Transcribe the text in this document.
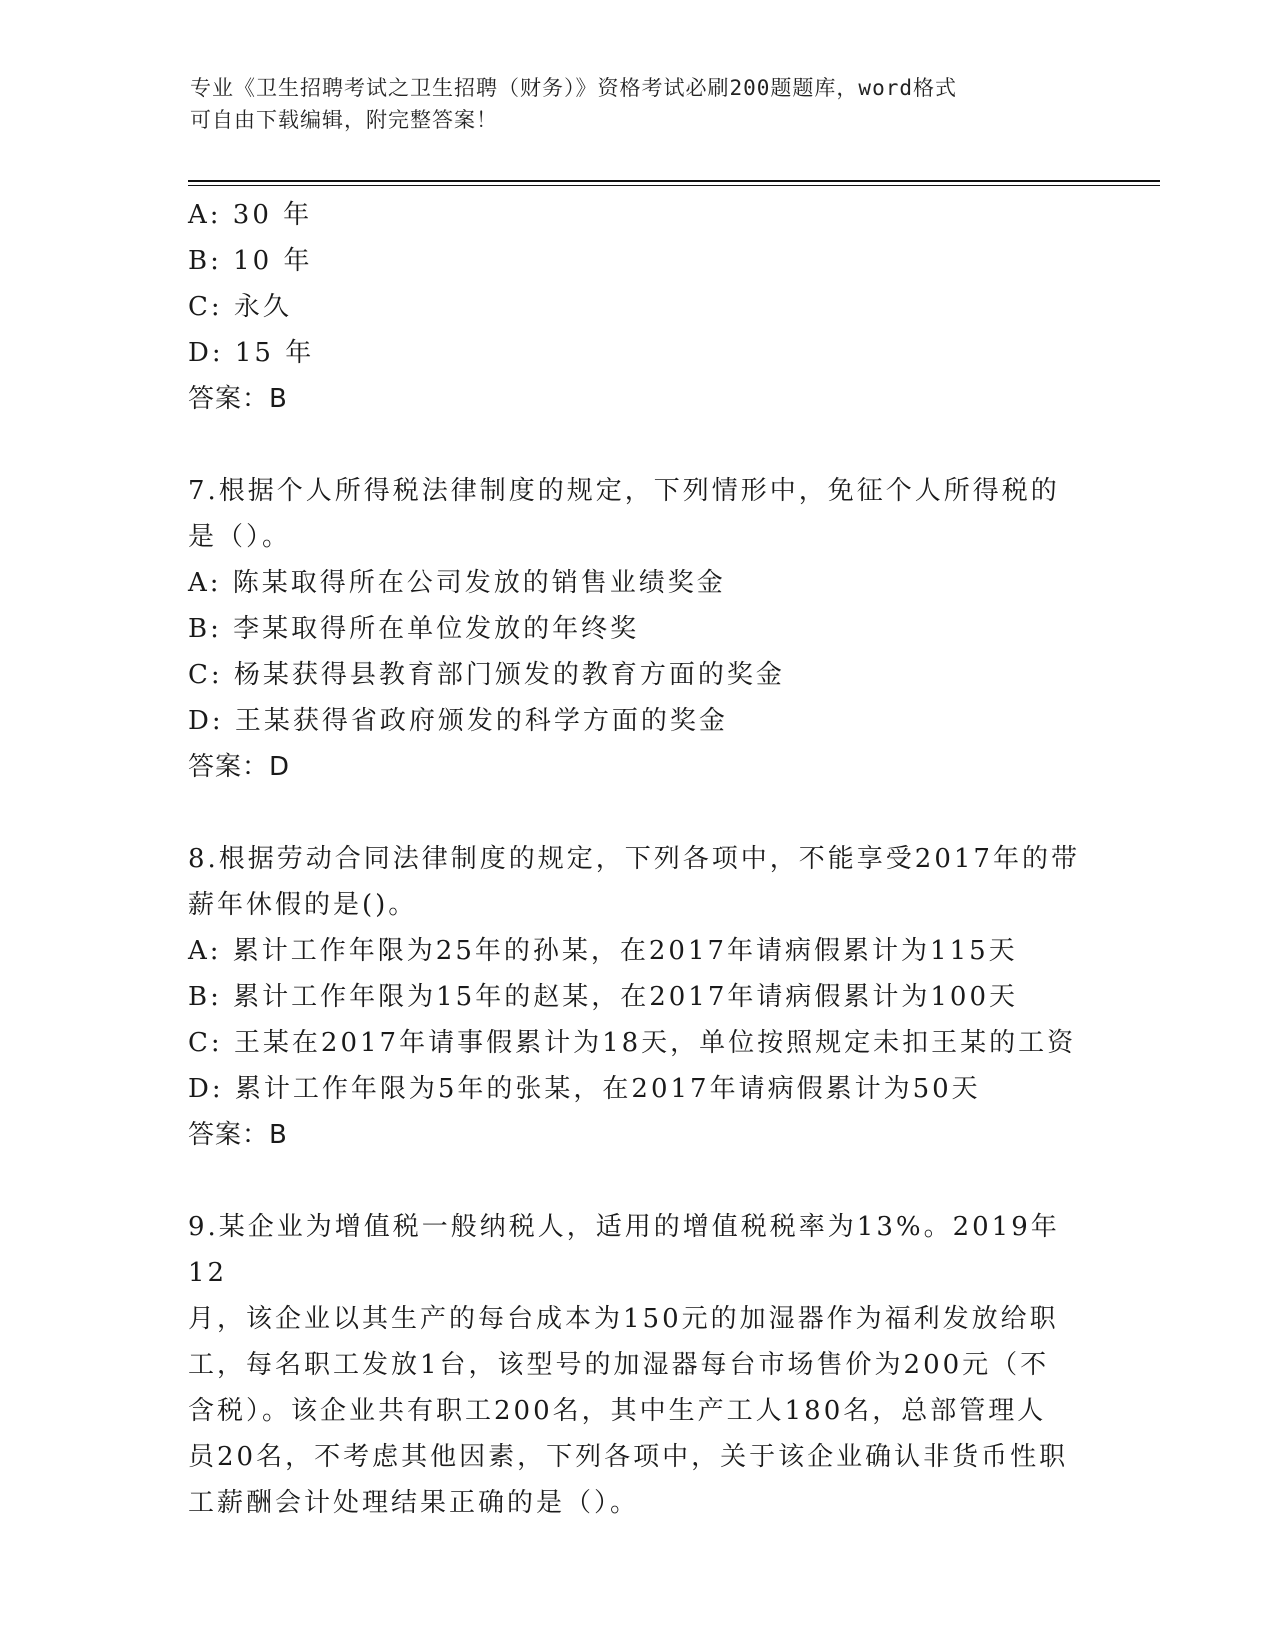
专业《卫生招聘考试之卫生招聘（财务）》资格考试必刷200题题库，word格式
可自由下载编辑，附完整答案！
A: 30 年
B: 10 年
C: 永久
D: 15 年
答案：B
7.根据个人所得税法律制度的规定，下列情形中，免征个人所得税的
是（）。
A: 陈某取得所在公司发放的销售业绩奖金
B: 李某取得所在单位发放的年终奖
C: 杨某获得县教育部门颁发的教育方面的奖金
D: 王某获得省政府颁发的科学方面的奖金
答案：D
8.根据劳动合同法律制度的规定，下列各项中，不能享受2017年的带
薪年休假的是()。
A: 累计工作年限为25年的孙某，在2017年请病假累计为115天
B: 累计工作年限为15年的赵某，在2017年请病假累计为100天
C: 王某在2017年请事假累计为18天，单位按照规定未扣王某的工资
D: 累计工作年限为5年的张某，在2017年请病假累计为50天
答案：B
9.某企业为增值税一般纳税人，适用的增值税税率为13%。2019年12
月，该企业以其生产的每台成本为150元的加湿器作为福利发放给职
工，每名职工发放1台，该型号的加湿器每台市场售价为200元（不
含税）。该企业共有职工200名，其中生产工人180名，总部管理人
员20名，不考虑其他因素，下列各项中，关于该企业确认非货币性职
工薪酬会计处理结果正确的是（）。
